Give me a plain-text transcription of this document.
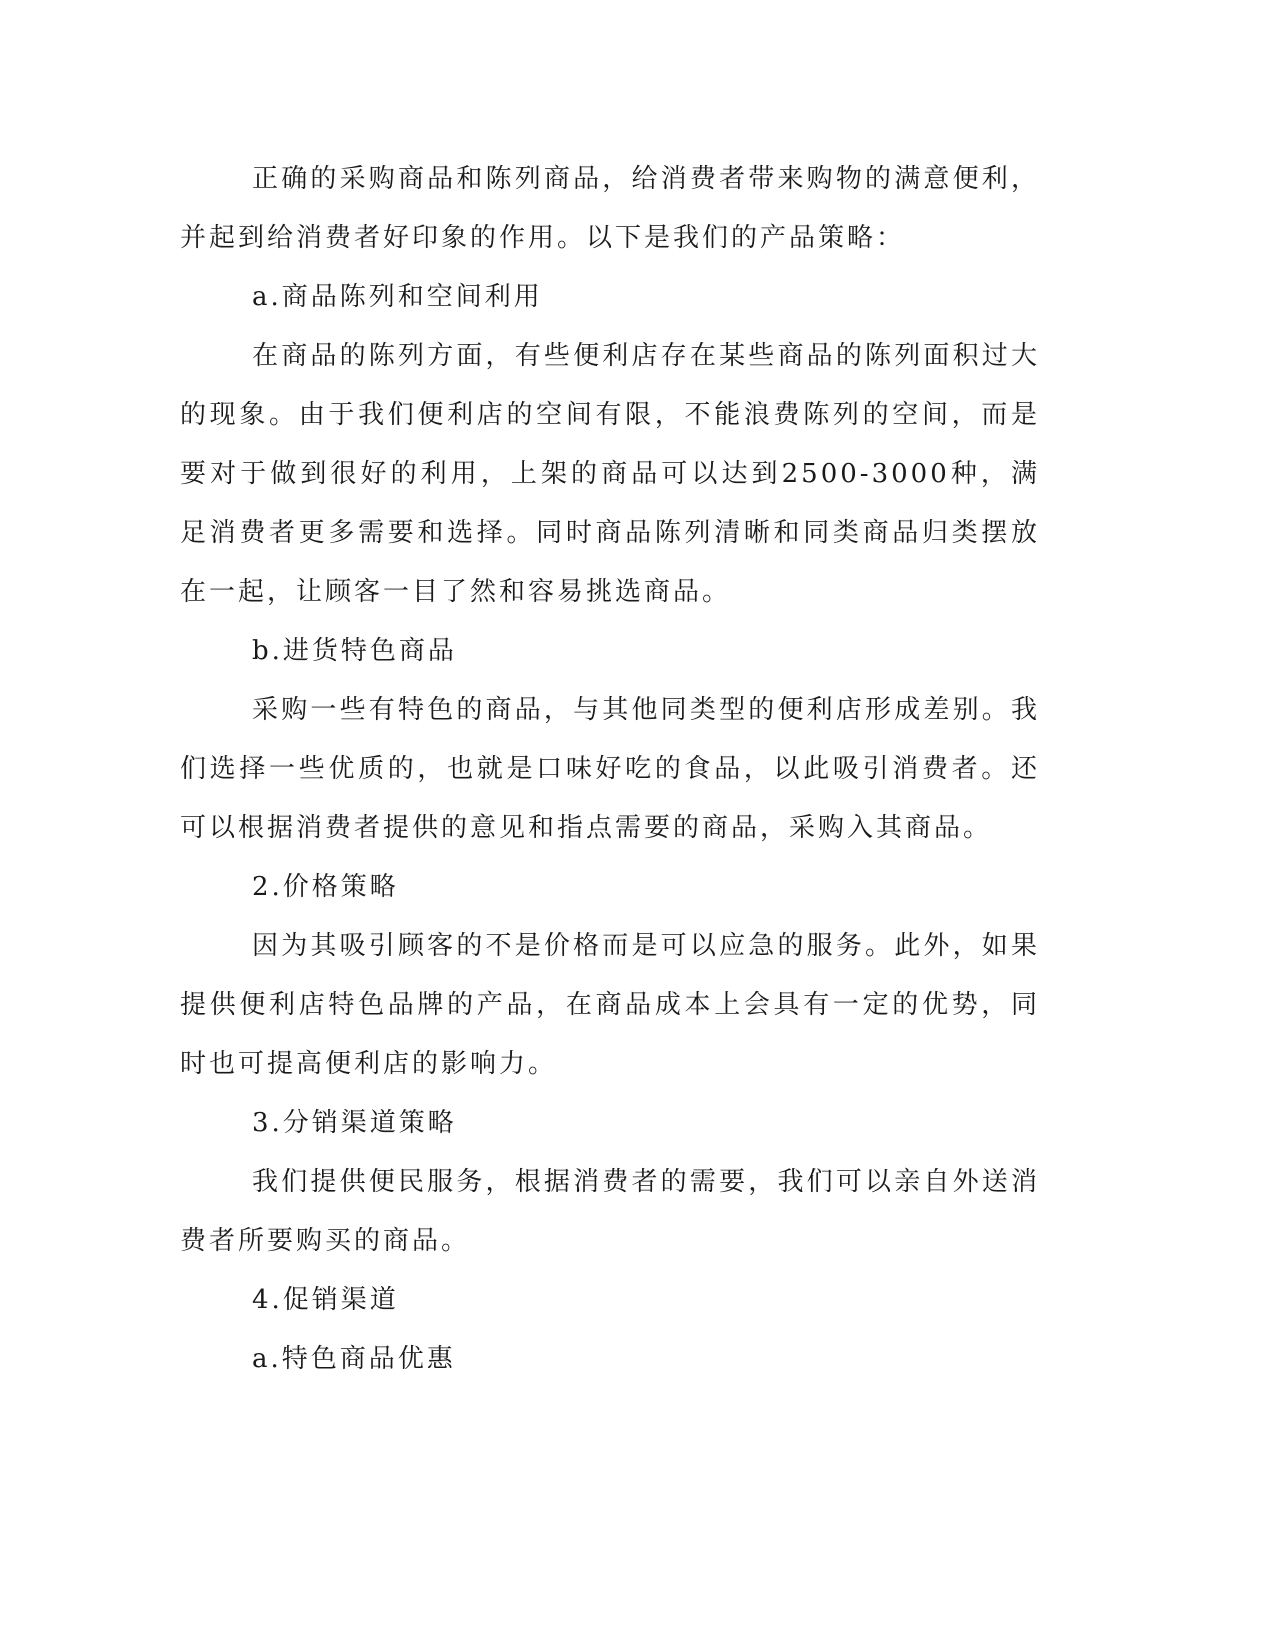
正确的采购商品和陈列商品，给消费者带来购物的满意便利，并起到给消费者好印象的作用。以下是我们的产品策略：

a.商品陈列和空间利用

在商品的陈列方面，有些便利店存在某些商品的陈列面积过大的现象。由于我们便利店的空间有限，不能浪费陈列的空间，而是要对于做到很好的利用，上架的商品可以达到2500-3000种，满足消费者更多需要和选择。同时商品陈列清晰和同类商品归类摆放在一起，让顾客一目了然和容易挑选商品。

b.进货特色商品

采购一些有特色的商品，与其他同类型的便利店形成差别。我们选择一些优质的，也就是口味好吃的食品，以此吸引消费者。还可以根据消费者提供的意见和指点需要的商品，采购入其商品。

2.价格策略

因为其吸引顾客的不是价格而是可以应急的服务。此外，如果提供便利店特色品牌的产品，在商品成本上会具有一定的优势，同时也可提高便利店的影响力。

3.分销渠道策略

我们提供便民服务，根据消费者的需要，我们可以亲自外送消费者所要购买的商品。

4.促销渠道

a.特色商品优惠
